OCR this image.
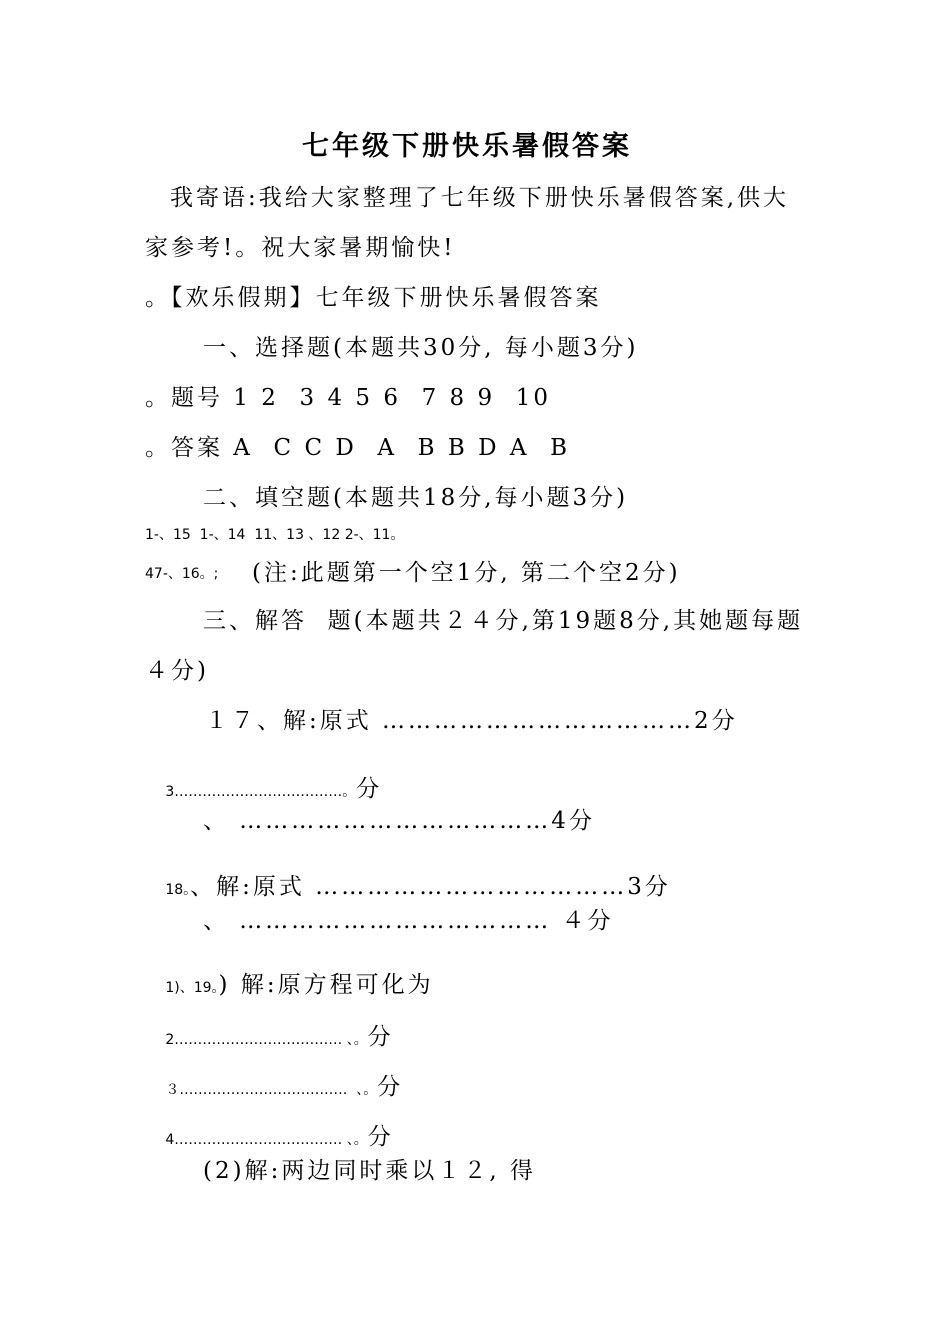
七年级下册快乐暑假答案
我寄语:我给大家整理了七年级下册快乐暑假答案,供大
家参考!。祝大家暑期愉快!
。【欢乐假期】七年级下册快乐暑假答案
一、选择题(本题共30分, 每小题3分)
。题号 1 2  3 4 5 6  7 8 9  10
。答案 A  C C D  A  B B D A  B
二、填空题(本题共18分,每小题3分)
1-、15  1-、14  11、13 、12 2-、11。
47-、16。; (注:此题第一个空1分, 第二个空2分)
三、解答  题(本题共２４分,第19题8分,其她题每题
４分)
１７、解:原式 ………………………………2分

3………………………………。分

、 ………………………………4分

18。、解:原式 ………………………………3分

、 ……………………………… ４分

1)、19。) 解:原方程可化为

2……………………………… 、。分

３………………………………  、。分

4……………………………… 、。分

(2)解:两边同时乘以１２, 得
